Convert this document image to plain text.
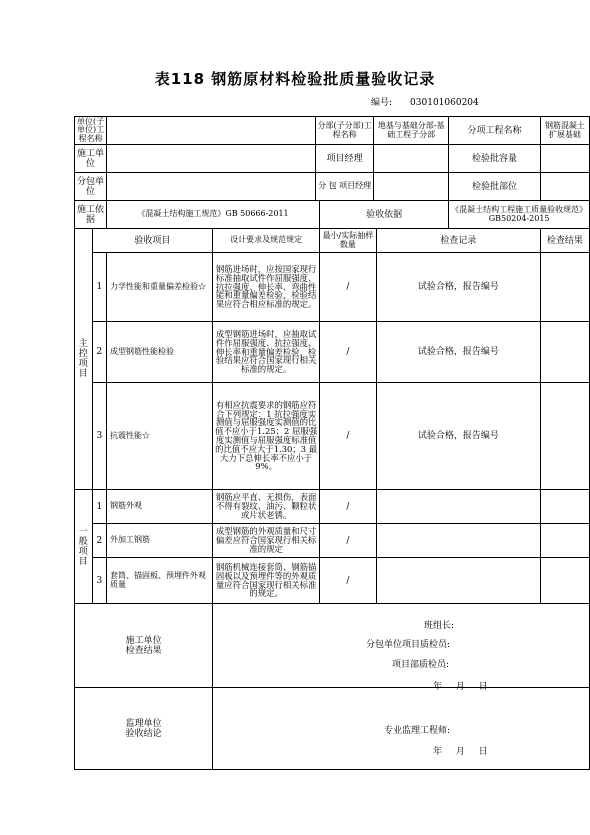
表118 钢筋原材料检验批质量验收记录
编号: 030101060204
单位(子单位)工程名称				分部(子分部)工程名称		地基与基础分部-基础工程子分部		分项工程名称	钢筋混凝土扩展基础
施工单位				项目经理				检验批容量	
分包单位				分 包 项目经理				检验批部位	
施工依据		《混凝土结构施工规范》GB 50666-2011			验收依据			《混凝土结构工程施工质量验收规范》GB50204-2015	
主控项目	验收项目		设计要求及规范规定		最小/实际抽样数量		检查记录		检查结果
	1	力学性能和重量偏差检验☆	钢筋进场时，应按国家现行标准抽取试件作屈服强度、抗拉强度、伸长率、弯曲性能和重量偏差检验，检验结果应符合相应标准的规定。		/		试验合格，报告编号		
	2	成型钢筋性能检验	成型钢筋进场时，应抽取试件作屈服强度、抗拉强度、伸长率和重量偏差检验，检验结果应符合国家现行相关标准的规定。		/		试验合格，报告编号		
	3	抗震性能☆	有相应抗震要求的钢筋应符合下列规定：1 抗拉强度实测值与屈服强度实测值的比值不应小于1.25；2 屈服强度实测值与屈服强度标准值的比值不应大于1.30；3 最大力下总伸长率不应小于9%。		/		试验合格，报告编号		
一般项目	1	钢筋外观	钢筋应平直、无损伤，表面不得有裂纹、油污、颗粒状或片状老锈。		/				
	2	外加工钢筋	成型钢筋的外观质量和尺寸偏差应符合国家现行相关标准的规定		/				
	3	套筒、锚固板、预埋件外观质量	钢筋机械连接套筒、钢筋锚固板以及预埋件等的外观质量应符合国家现行相关标准的规定。		/				
施工单位检查结果									
监理单位验收结论									
班组长:
分包单位项目质检员:
项目部质检员:
年 月 日
专业监理工程师:
年 月 日
